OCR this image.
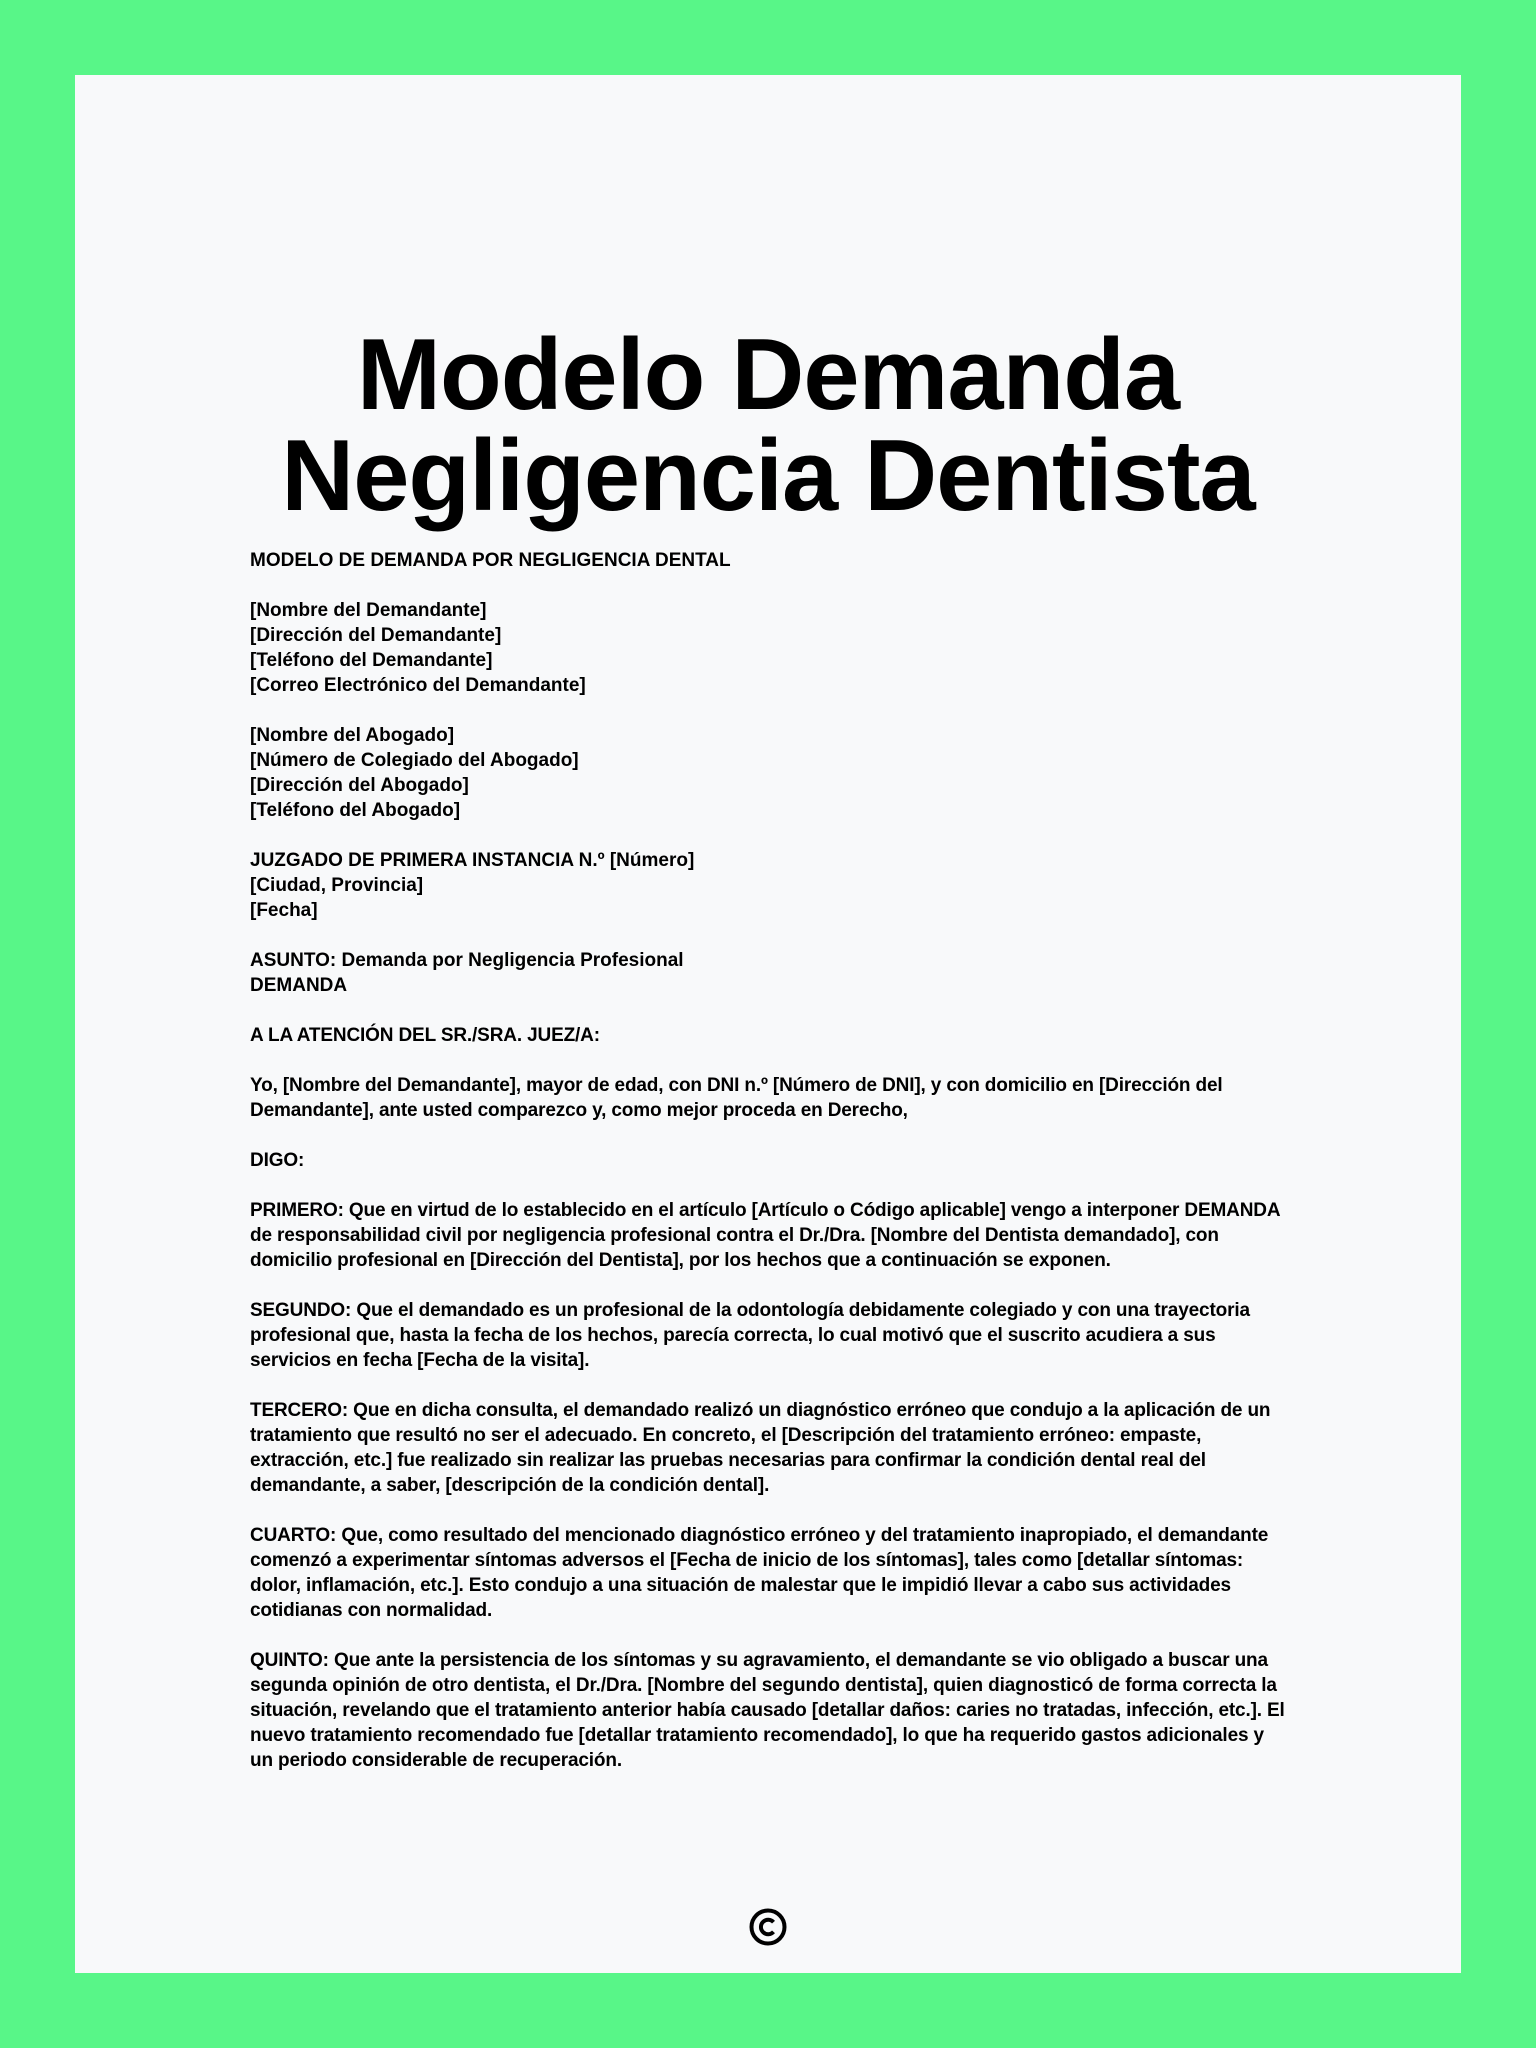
Modelo Demanda
Negligencia Dentista

MODELO DE DEMANDA POR NEGLIGENCIA DENTAL

[Nombre del Demandante]

[Dirección del Demandante]

[Teléfono del Demandante]

[Correo Electrónico del Demandante]

[Nombre del Abogado]

[Número de Colegiado del Abogado]

[Dirección del Abogado]

[Teléfono del Abogado]

JUZGADO DE PRIMERA INSTANCIA N.º [Número]

[Ciudad, Provincia]

[Fecha]

ASUNTO: Demanda por Negligencia Profesional

DEMANDA

A LA ATENCIÓN DEL SR./SRA. JUEZ/A:

Yo, [Nombre del Demandante], mayor de edad, con DNI n.º [Número de DNI], y con domicilio en [Dirección del Demandante], ante usted comparezco y, como mejor proceda en Derecho,

DIGO:

PRIMERO: Que en virtud de lo establecido en el artículo [Artículo o Código aplicable] vengo a interponer DEMANDA de responsabilidad civil por negligencia profesional contra el Dr./Dra. [Nombre del Dentista demandado], con domicilio profesional en [Dirección del Dentista], por los hechos que a continuación se exponen.

SEGUNDO: Que el demandado es un profesional de la odontología debidamente colegiado y con una trayectoria profesional que, hasta la fecha de los hechos, parecía correcta, lo cual motivó que el suscrito acudiera a sus servicios en fecha [Fecha de la visita].

TERCERO: Que en dicha consulta, el demandado realizó un diagnóstico erróneo que condujo a la aplicación de un tratamiento que resultó no ser el adecuado. En concreto, el [Descripción del tratamiento erróneo: empaste, extracción, etc.] fue realizado sin realizar las pruebas necesarias para confirmar la condición dental real del demandante, a saber, [descripción de la condición dental].

CUARTO: Que, como resultado del mencionado diagnóstico erróneo y del tratamiento inapropiado, el demandante comenzó a experimentar síntomas adversos el [Fecha de inicio de los síntomas], tales como [detallar síntomas: dolor, inflamación, etc.]. Esto condujo a una situación de malestar que le impidió llevar a cabo sus actividades cotidianas con normalidad.

QUINTO: Que ante la persistencia de los síntomas y su agravamiento, el demandante se vio obligado a buscar una segunda opinión de otro dentista, el Dr./Dra. [Nombre del segundo dentista], quien diagnosticó de forma correcta la situación, revelando que el tratamiento anterior había causado [detallar daños: caries no tratadas, infección, etc.]. El nuevo tratamiento recomendado fue [detallar tratamiento recomendado], lo que ha requerido gastos adicionales y un periodo considerable de recuperación.
